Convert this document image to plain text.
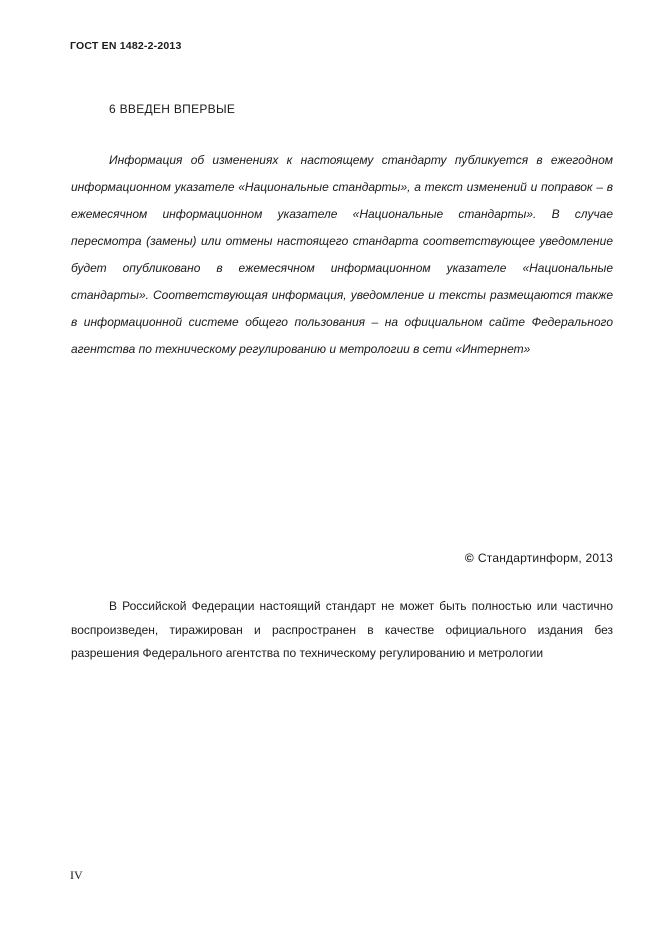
ГОСТ EN 1482-2-2013
6 ВВЕДЕН ВПЕРВЫЕ

Информация об изменениях к настоящему стандарту публикуется в ежегодном информационном указателе «Национальные стандарты», а текст изменений и поправок – в ежемесячном информационном указателе «Национальные стандарты». В случае пересмотра (замены) или отмены настоящего стандарта соответствующее уведомление будет опубликовано в ежемесячном информационном указателе «Национальные стандарты». Соответствующая информация, уведомление и тексты размещаются также в информационной системе общего пользования – на официальном сайте Федерального агентства по техническому регулированию и метрологии в сети «Интернет»

© Стандартинформ, 2013

В Российской Федерации настоящий стандарт не может быть полностью или частично воспроизведен, тиражирован и распространен в качестве официального издания без разрешения Федерального агентства по техническому регулированию и метрологии

IV
